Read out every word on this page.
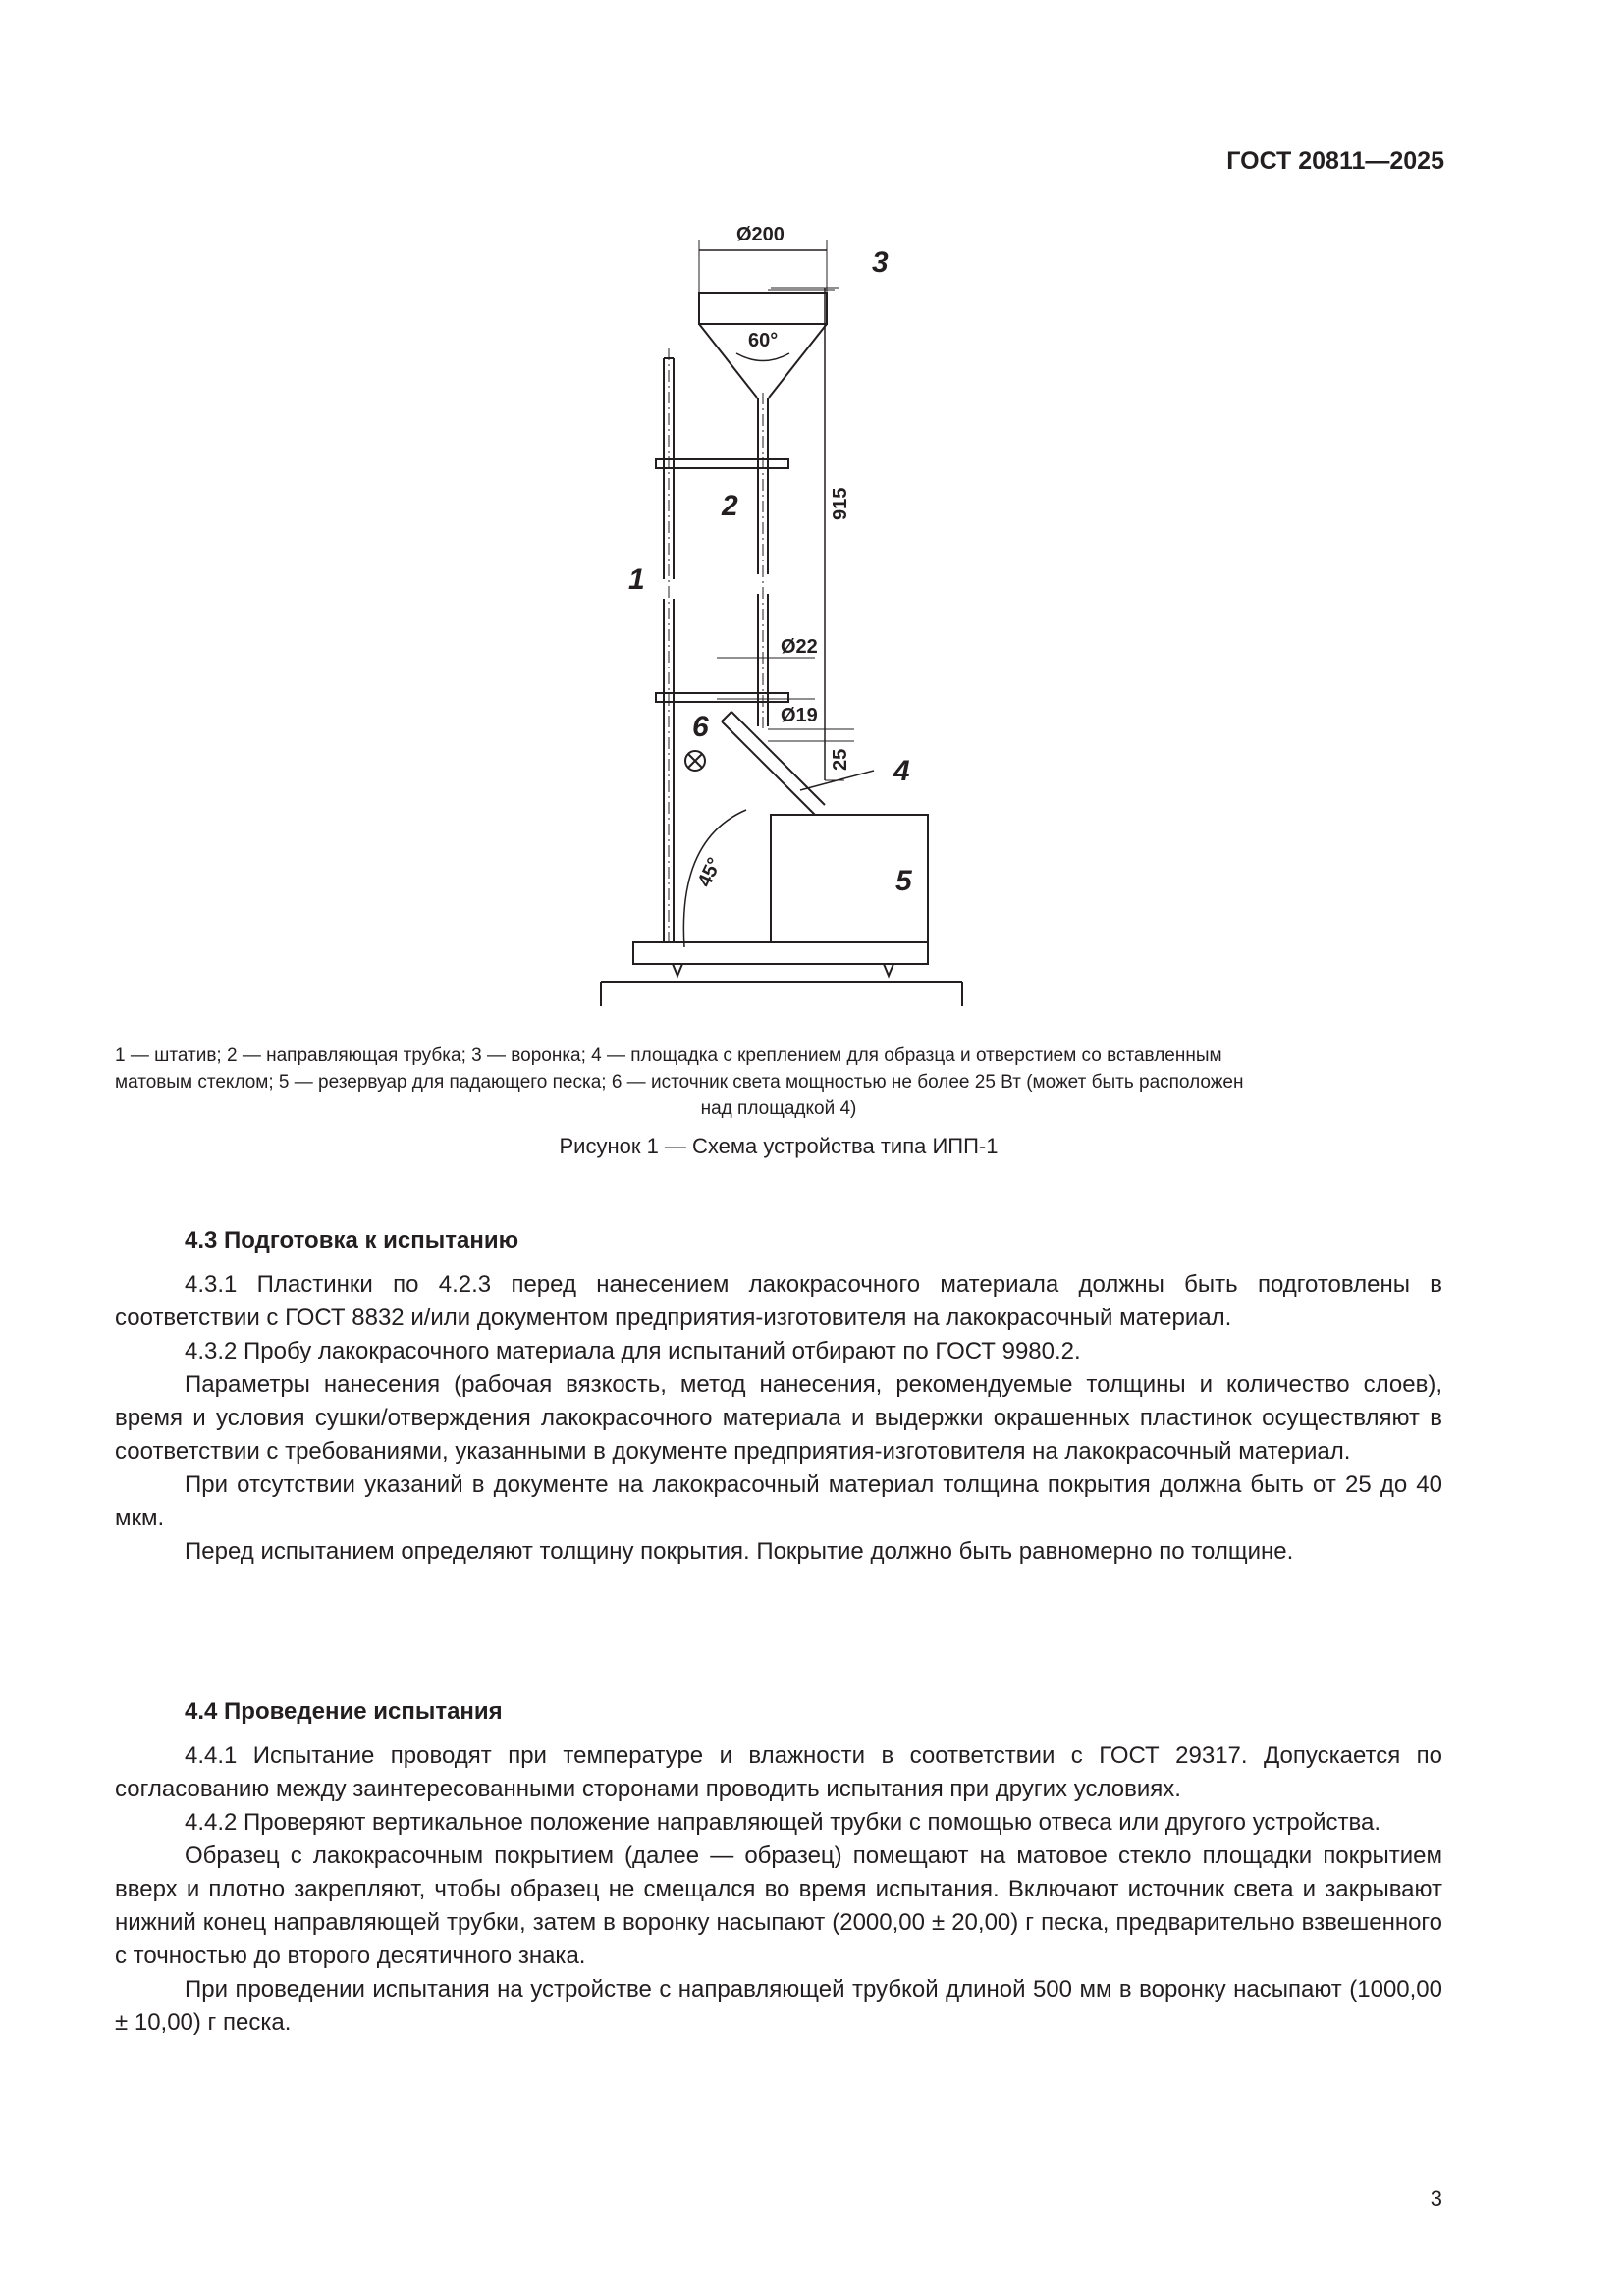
ГОСТ 20811—2025
Ø200
60°
915
Ø22
Ø19
25
45°
1
2
3
4
5
6
1 — штатив; 2 — направляющая трубка; 3 — воронка; 4 — площадка с креплением для образца и отверстием со вставленным
матовым стеклом; 5 — резервуар для падающего песка; 6 — источник света мощностью не более 25 Вт (может быть расположен
над площадкой 4)
Рисунок 1 — Схема устройства типа ИПП-1
4.3 Подготовка к испытанию
4.3.1 Пластинки по 4.2.3 перед нанесением лакокрасочного материала должны быть подготовлены в соответствии с ГОСТ 8832 и/или документом предприятия-изготовителя на лакокрасочный материал.
4.3.2 Пробу лакокрасочного материала для испытаний отбирают по ГОСТ 9980.2.
Параметры нанесения (рабочая вязкость, метод нанесения, рекомендуемые толщины и количество слоев), время и условия сушки/отверждения лакокрасочного материала и выдержки окрашенных пластинок осуществляют в соответствии с требованиями, указанными в документе предприятия-изготовителя на лакокрасочный материал.
При отсутствии указаний в документе на лакокрасочный материал толщина покрытия должна быть от 25 до 40 мкм.
Перед испытанием определяют толщину покрытия. Покрытие должно быть равномерно по толщине.
4.4 Проведение испытания
4.4.1 Испытание проводят при температуре и влажности в соответствии с ГОСТ 29317. Допускается по согласованию между заинтересованными сторонами проводить испытания при других условиях.
4.4.2 Проверяют вертикальное положение направляющей трубки с помощью отвеса или другого устройства.
Образец с лакокрасочным покрытием (далее — образец) помещают на матовое стекло площадки покрытием вверх и плотно закрепляют, чтобы образец не смещался во время испытания. Включают источник света и закрывают нижний конец направляющей трубки, затем в воронку насыпают (2000,00 ± 20,00) г песка, предварительно взвешенного с точностью до второго десятичного знака.
При проведении испытания на устройстве с направляющей трубкой длиной 500 мм в воронку насыпают (1000,00 ± 10,00) г песка.
3
